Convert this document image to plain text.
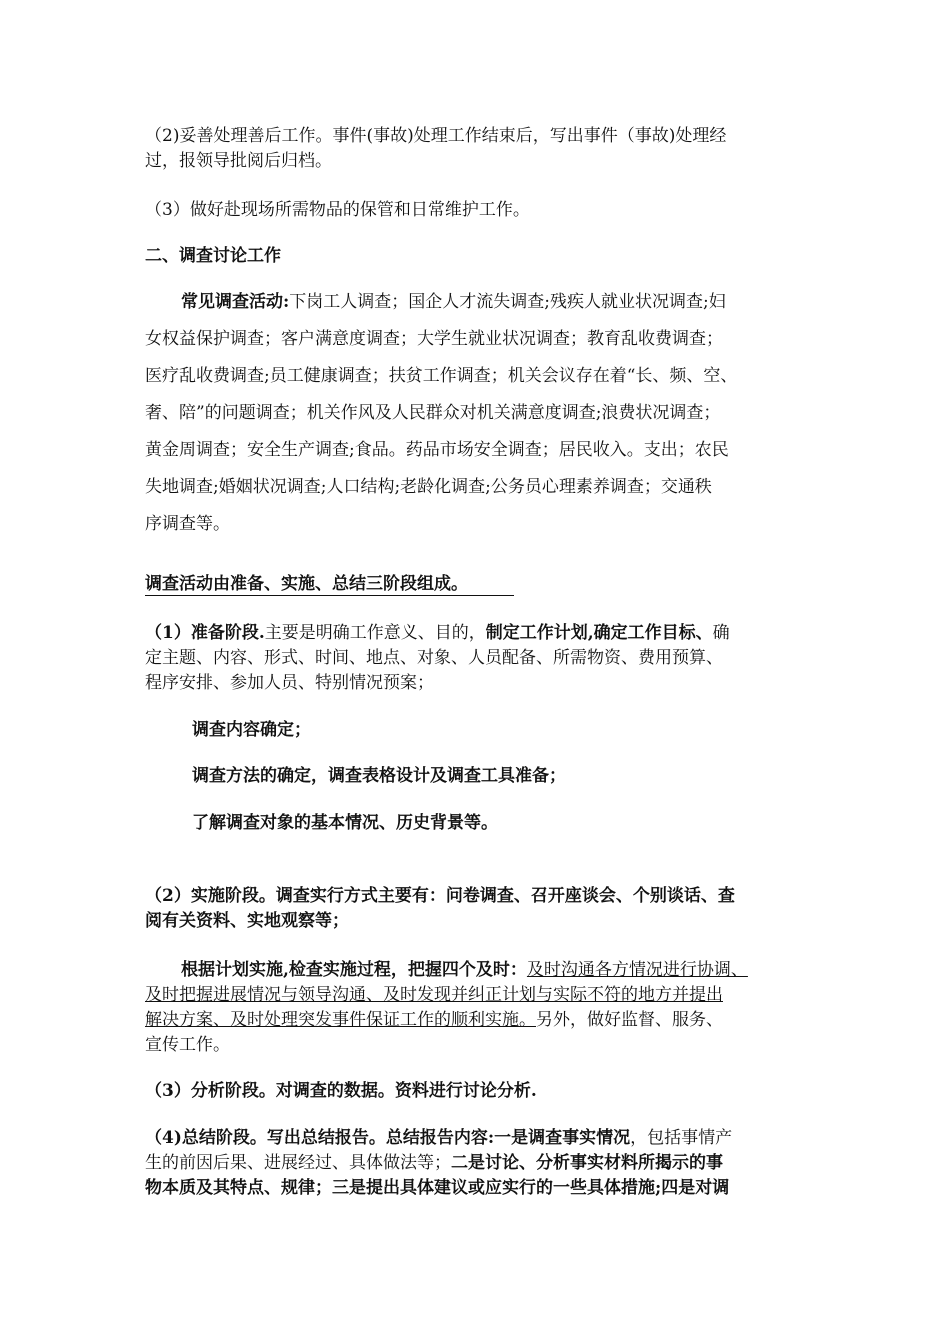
（2)妥善处理善后工作。事件(事故)处理工作结束后，写出事件（事故)处理经
过，报领导批阅后归档。

（3）做好赴现场所需物品的保管和日常维护工作。

二、调查讨论工作

常见调查活动:下岗工人调查；国企人才流失调查;残疾人就业状况调查;妇
女权益保护调查；客户满意度调查；大学生就业状况调查；教育乱收费调查；
医疗乱收费调查;员工健康调查；扶贫工作调查；机关会议存在着“长、频、空、
奢、陪”的问题调查；机关作风及人民群众对机关满意度调查;浪费状况调查；
黄金周调查；安全生产调查;食品。药品市场安全调查；居民收入。支出；农民
失地调查;婚姻状况调查;人口结构;老龄化调查;公务员心理素养调查；交通秩
序调查等。

调查活动由准备、实施、总结三阶段组成。

（1）准备阶段.主要是明确工作意义、目的，制定工作计划,确定工作目标、确
定主题、内容、形式、时间、地点、对象、人员配备、所需物资、费用预算、
程序安排、参加人员、特别情况预案；

调查内容确定；

调查方法的确定，调查表格设计及调查工具准备；

了解调查对象的基本情况、历史背景等。

（2）实施阶段。调查实行方式主要有：问卷调查、召开座谈会、个别谈话、查
阅有关资料、实地观察等；

根据计划实施,检查实施过程，把握四个及时：及时沟通各方情况进行协调、
及时把握进展情况与领导沟通、及时发现并纠正计划与实际不符的地方并提出
解决方案、及时处理突发事件保证工作的顺利实施。另外，做好监督、服务、
宣传工作。

（3）分析阶段。对调查的数据。资料进行讨论分析.

（4)总结阶段。写出总结报告。总结报告内容:一是调查事实情况，包括事情产
生的前因后果、进展经过、具体做法等；二是讨论、分析事实材料所揭示的事
物本质及其特点、规律；三是提出具体建议或应实行的一些具体措施;四是对调
